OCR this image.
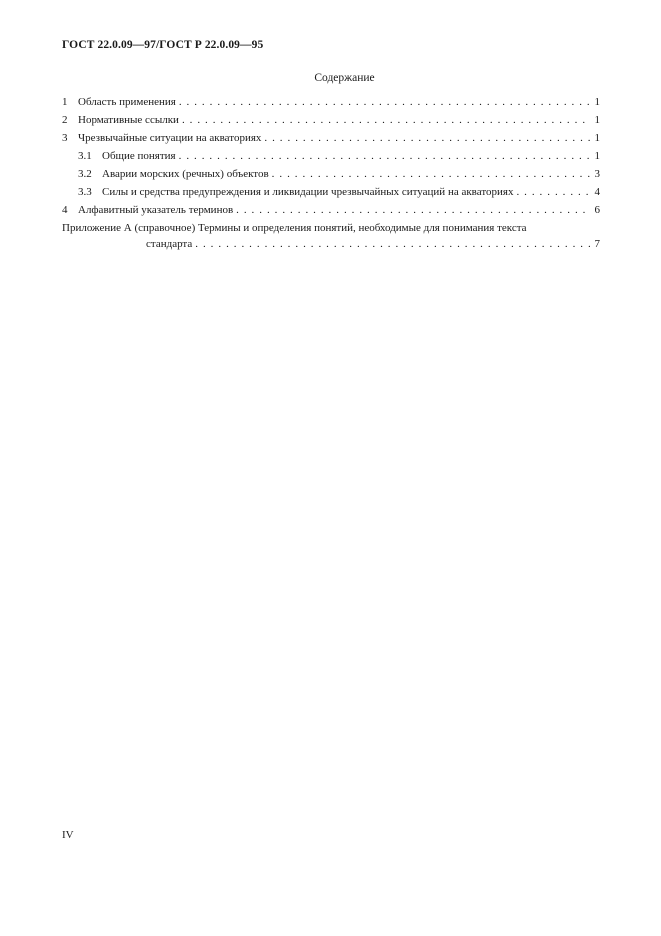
ГОСТ 22.0.09—97/ГОСТ Р 22.0.09—95
Содержание
1 Область применения . . .	1
2 Нормативные ссылки . . .	1
3 Чрезвычайные ситуации на акваториях . . .	1
3.1 Общие понятия . . .	1
3.2 Аварии морских (речных) объектов . . .	3
3.3 Силы и средства предупреждения и ликвидации чрезвычайных ситуаций на акваториях . . .	4
4 Алфавитный указатель терминов . . .	6
Приложение А (справочное) Термины и определения понятий, необходимые для понимания текста
стандарта . . .	7
IV
